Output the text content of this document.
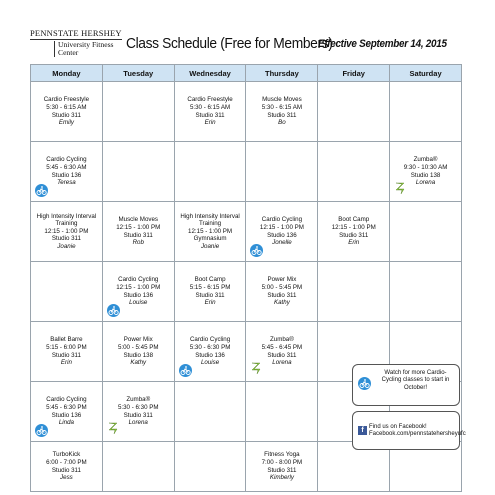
PENNSTATE HERSHEY
University Fitness Center
Class Schedule (Free for Members)
Effective September 14, 2015
Monday	Tuesday	Wednesday	Thursday	Friday	Saturday

Cardio Freestyle
5:30 - 6:15 AM
Studio 311
Emily		Cardio Freestyle
5:30 - 6:15 AM
Studio 311
Erin	Muscle Moves
5:30 - 6:15 AM
Studio 311
Bo		

Cardio Cycling
5:45 - 6:30 AM
Studio 136
Teresa					Zumba®
9:30 - 10:30 AM
Studio 138
Lorena

High Intensity Interval Training
12:15 - 1:00 PM
Studio 311
Joanie	Muscle Moves
12:15 - 1:00 PM
Studio 311
Rob	High Intensity Interval Training
12:15 - 1:00 PM
Gymnasium
Joanie	Cardio Cycling
12:15 - 1:00 PM
Studio 136
Jonelle	Boot Camp
12:15 - 1:00 PM
Studio 311
Erin	

	Cardio Cycling
12:15 - 1:00 PM
Studio 136
Louise	Boot Camp
5:15 - 6:15 PM
Studio 311
Erin	Power Mix
5:00 - 5:45 PM
Studio 311
Kathy		

Ballet Barre
5:15 - 6:00 PM
Studio 311
Erin	Power Mix
5:00 - 5:45 PM
Studio 138
Kathy	Cardio Cycling
5:30 - 6:30 PM
Studio 136
Louise	Zumba®
5:45 - 6:45 PM
Studio 311
Lorena		

Cardio Cycling
5:45 - 6:30 PM
Studio 136
Linda	Zumba®
5:30 - 6:30 PM
Studio 311
Lorena				

TurboKick
6:00 - 7:00 PM
Studio 311
Jess			Fitness Yoga
7:00 - 8:00 PM
Studio 311
Kimberly		

Watch for more Cardio-Cycling classes to start in October!
f Find us on Facebook!
Facebook.com/pennstatehersheyufc
